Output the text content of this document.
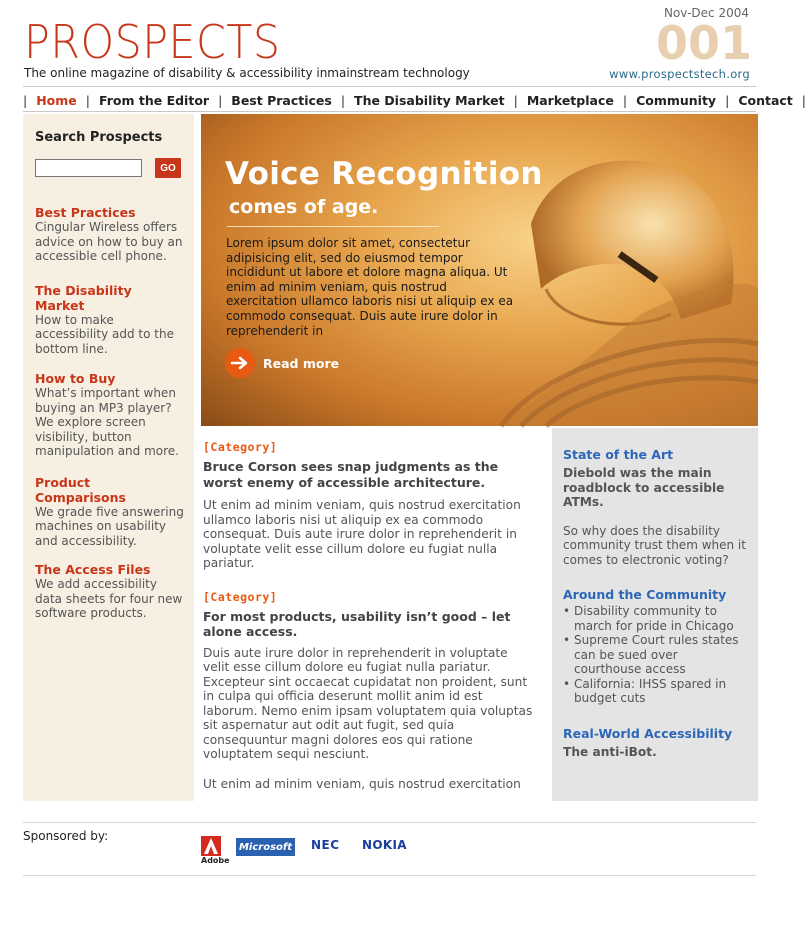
PROSPECTS
The online magazine of disability & accessibility inmainstream technology
Nov-Dec 2004
001
www.prospectstech.org
| Home | From the Editor | Best Practices | The Disability Market | Marketplace | Community | Contact |
Search Prospects
GO
Best Practices
Cingular Wireless offers advice on how to buy an accessible cell phone.
The Disability Market
How to make accessibility add to the bottom line.
How to Buy
What’s important when buying an MP3 player? We explore screen visibility, button manipulation and more.
Product Comparisons
We grade five answering machines on usability and accessibility.
The Access Files
We add accessibility data sheets for four new software products.
Voice Recognition
comes of age.
Lorem ipsum dolor sit amet, consectetur adipisicing elit, sed do eiusmod tempor incididunt ut labore et dolore magna aliqua. Ut enim ad minim veniam, quis nostrud exercitation ullamco laboris nisi ut aliquip ex ea commodo consequat. Duis aute irure dolor in reprehenderit in
Read more
[Category]
Bruce Corson sees snap judgments as the worst enemy of accessible architecture.
Ut enim ad minim veniam, quis nostrud exercitation ullamco laboris nisi ut aliquip ex ea commodo consequat. Duis aute irure dolor in reprehenderit in voluptate velit esse cillum dolore eu fugiat nulla pariatur.
[Category]
For most products, usability isn’t good – let alone access.
Duis aute irure dolor in reprehenderit in voluptate velit esse cillum dolore eu fugiat nulla pariatur. Excepteur sint occaecat cupidatat non proident, sunt in culpa qui officia deserunt mollit anim id est laborum. Nemo enim ipsam voluptatem quia voluptas sit aspernatur aut odit aut fugit, sed quia consequuntur magni dolores eos qui ratione voluptatem sequi nesciunt.
Ut enim ad minim veniam, quis nostrud exercitation
State of the Art
Diebold was the main roadblock to accessible ATMs.
So why does the disability community trust them when it comes to electronic voting?
Around the Community
• Disability community to march for pride in Chicago
• Supreme Court rules states can be sued over courthouse access
• California: IHSS spared in budget cuts
Real-World Accessibility
The anti-iBot.
Sponsored by:
Adobe
Microsoft NEC NOKIA
